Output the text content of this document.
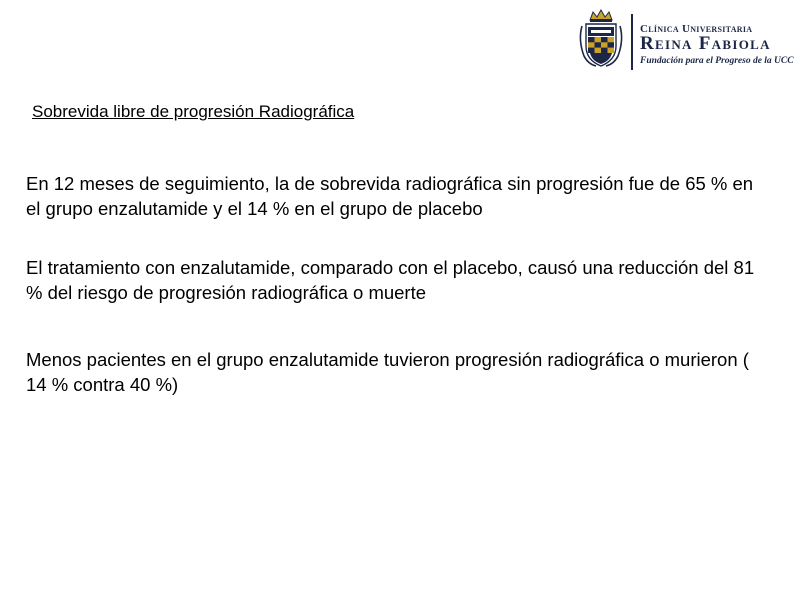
Clínica Universitaria
Reina Fabiola
Fundación para el Progreso de la UCC
Sobrevida libre de progresión Radiográfica

En 12 meses de seguimiento, la de sobrevida radiográfica sin progresión fue de 65 % en el grupo enzalutamide y el 14 % en el grupo de placebo

El tratamiento con enzalutamide, comparado con el placebo, causó una reducción del 81 % del riesgo de progresión radiográfica o muerte

Menos pacientes en el grupo enzalutamide tuvieron progresión radiográfica o murieron ( 14 % contra 40 %)
